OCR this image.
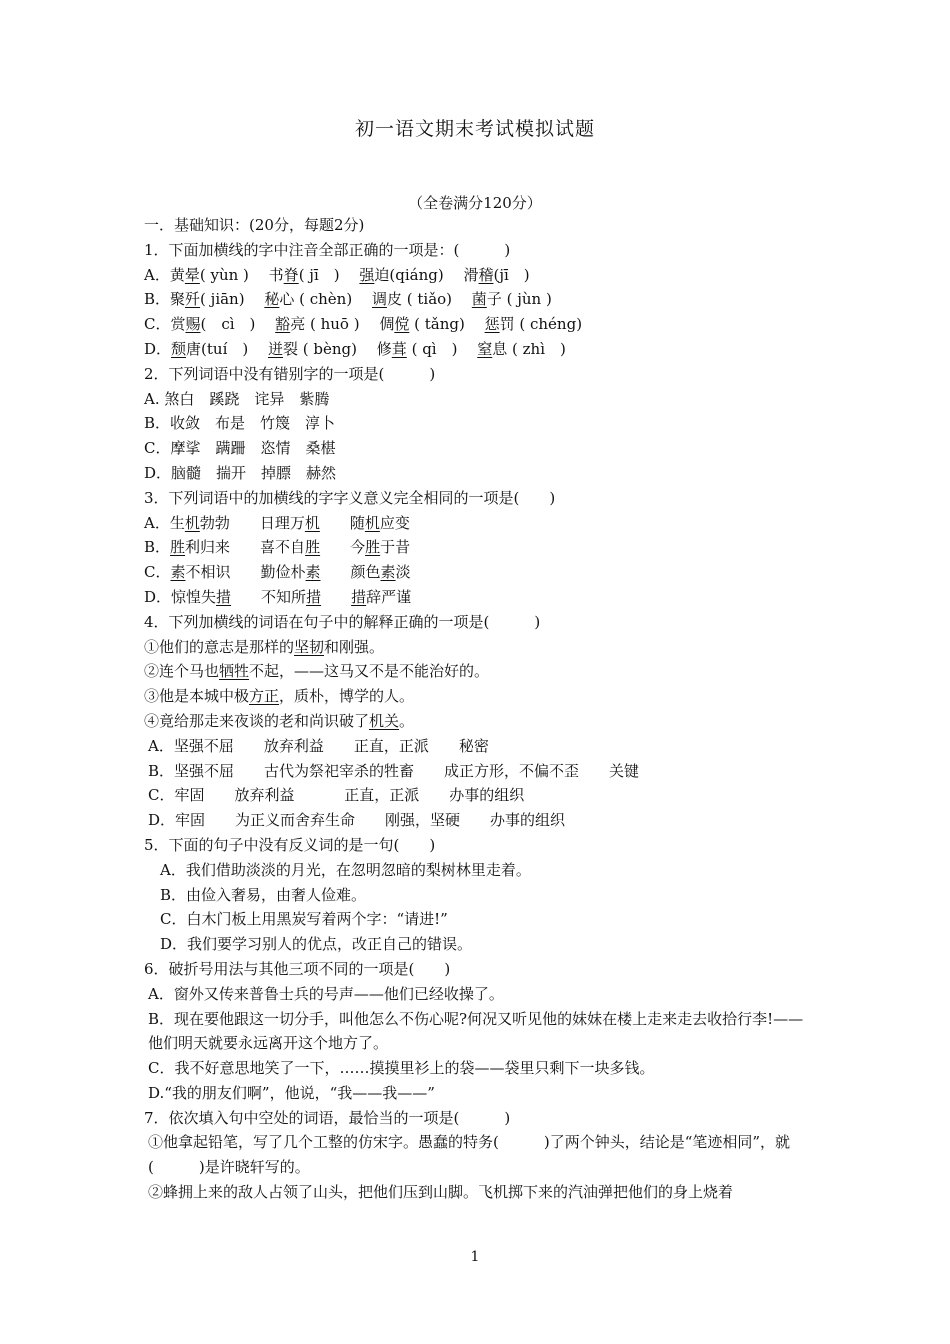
初一语文期末考试模拟试题
（全卷满分120分）
一．基础知识：(20分，每题2分)
1．下面加横线的字中注音全部正确的一项是：(　　　)
A．黄晕( yùn )　 书脊( jī　)　 强迫(qiáng)　 滑稽(jī　)
B．聚歼( jiān)　 秘心 ( chèn)　 调皮 ( tiǎo)　 菌子 ( jùn )
C．赏赐(　cì　)　 豁亮 ( huō )　 倜傥 ( tǎng)　 惩罚 ( chéng)
D．颓唐(tuí　)　 迸裂 ( bèng)　 修葺 ( qì　)　 窒息 ( zhì　)
2．下列词语中没有错别字的一项是(　　　)
A. 煞白　蹊跷　诧异　紫腾
B．收敛　布是　竹篾　淳卜
C．摩挲　蹒跚　恣情　桑椹
D．脑髓　揣开　掉膘　赫然
3．下列词语中的加横线的字字义意义完全相同的一项是(　　)
A．生机勃勃　　日理万机　　随机应变
B．胜利归来　　喜不自胜　　今胜于昔
C．素不相识　　勤俭朴素　　颜色素淡
D．惊惶失措　　不知所措　　 措辞严谨
4．下列加横线的词语在句子中的解释正确的一项是(　　　)
①他们的意志是那样的坚韧和刚强。
②连个马也牺牲不起，——这马又不是不能治好的。
③他是本城中极方正，质朴，博学的人。
④竟给那走来夜谈的老和尚识破了机关。
A．坚强不屈　　放弃利益　　正直，正派　　秘密
B．坚强不屈　　古代为祭祀宰杀的牲畜　　成正方形，不偏不歪　　关键
C．牢固　　放弃利益　　　 正直，正派　　办事的组织
D．牢固　　为正义而舍弃生命　　刚强，坚硬　　办事的组织
5．下面的句子中没有反义词的是一句(　　)
A．我们借助淡淡的月光，在忽明忽暗的梨树林里走着。
B．由俭入奢易，由奢人俭难。
C．白木门板上用黑炭写着两个字：“请进!”
D．我们要学习别人的优点，改正自己的错误。
6．破折号用法与其他三项不同的一项是(　　)
A．窗外又传来普鲁士兵的号声——他们已经收操了。
B．现在要他跟这一切分手，叫他怎么不伤心呢?何况又听见他的妹妹在楼上走来走去收拾行李!——他们明天就要永远离开这个地方了。
C．我不好意思地笑了一下，……摸摸里衫上的袋——袋里只剩下一块多钱。
D.“我的朋友们啊”，他说，“我——我——”
7．依次填入句中空处的词语，最恰当的一项是(　　　)
①他拿起铅笔，写了几个工整的仿宋字。愚蠢的特务(　　　)了两个钟头，结论是“笔迹相同”，就(　　　)是许晓轩写的。
②蜂拥上来的敌人占领了山头，把他们压到山脚。飞机掷下来的汽油弹把他们的身上烧着
1
